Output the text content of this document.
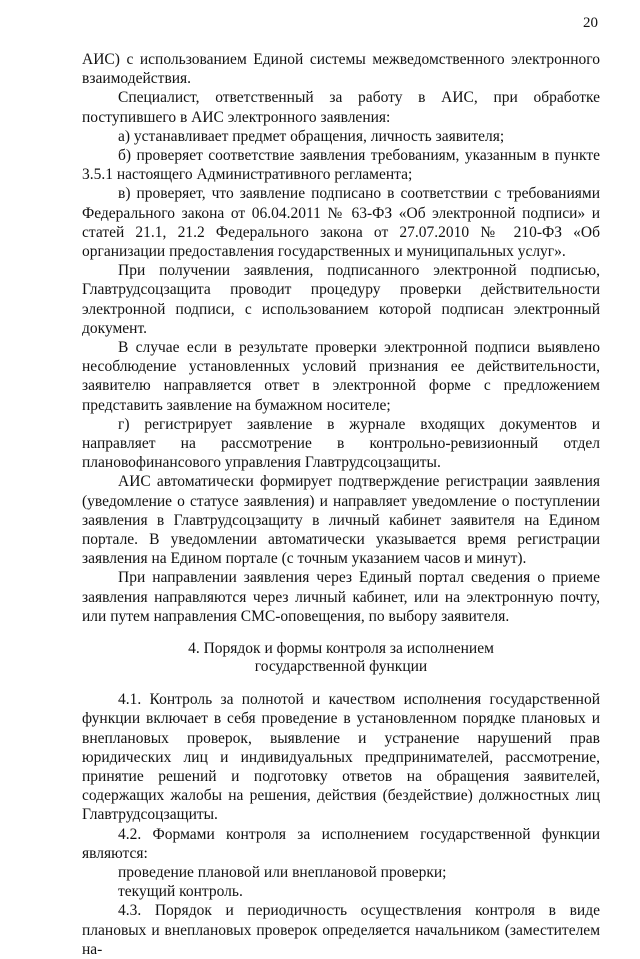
20

АИС) с использованием Единой системы межведомственного электронного взаимодействия.

Специалист, ответственный за работу в АИС, при обработке поступившего в АИС электронного заявления:

а) устанавливает предмет обращения, личность заявителя;

б) проверяет соответствие заявления требованиям, указанным в пункте 3.5.1 настоящего Административного регламента;

в) проверяет, что заявление подписано в соответствии с требованиями Федерального закона от 06.04.2011 № 63-ФЗ «Об электронной подписи» и статей 21.1, 21.2 Федерального закона от 27.07.2010 № 210-ФЗ «Об организации предоставления государственных и муниципальных услуг».

При получении заявления, подписанного электронной подписью, Главтрудсоцзащита проводит процедуру проверки действительности электронной подписи, с использованием которой подписан электронный документ.

В случае если в результате проверки электронной подписи выявлено несоблюдение установленных условий признания ее действительности, заявителю направляется ответ в электронной форме с предложением представить заявление на бумажном носителе;

г) регистрирует заявление в журнале входящих документов и направляет на рассмотрение в контрольно-ревизионный отдел плановофинансового управления Главтрудсоцзащиты.

АИС автоматически формирует подтверждение регистрации заявления (уведомление о статусе заявления) и направляет уведомление о поступлении заявления в Главтрудсоцзащиту в личный кабинет заявителя на Едином портале. В уведомлении автоматически указывается время регистрации заявления на Едином портале (с точным указанием часов и минут).

При направлении заявления через Единый портал сведения о приеме заявления направляются через личный кабинет, или на электронную почту, или путем направления СМС-оповещения, по выбору заявителя.

4. Порядок и формы контроля за исполнением
государственной функции

4.1. Контроль за полнотой и качеством исполнения государственной функции включает в себя проведение в установленном порядке плановых и внеплановых проверок, выявление и устранение нарушений прав юридических лиц и индивидуальных предпринимателей, рассмотрение, принятие решений и подготовку ответов на обращения заявителей, содержащих жалобы на решения, действия (бездействие) должностных лиц Главтрудсоцзащиты.

4.2. Формами контроля за исполнением государственной функции являются:

проведение плановой или внеплановой проверки;

текущий контроль.

4.3. Порядок и периодичность осуществления контроля в виде плановых и внеплановых проверок определяется начальником (заместителем на-
